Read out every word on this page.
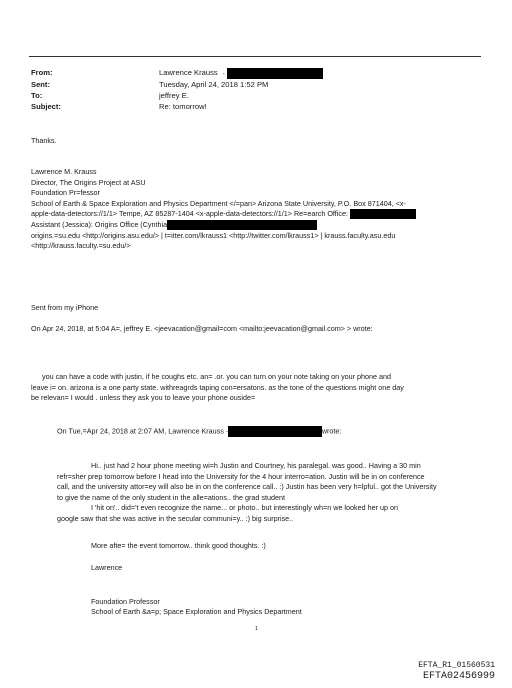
From:	Lawrence Krauss -
Sent:	Tuesday, April 24, 2018 1:52 PM
To:	jeffrey E.
Subject:	Re: tomorrow!
Thanks.
Lawrence M. Krauss
Director, The Origins Project at ASU
Foundation Pr=fessor
School of Earth & Space Exploration and Physics Department </=pan> Arizona State University, P.O. Box 871404, <x-
apple-data-detectors://1/1> Tempe, AZ 85287-1404 <x-apple-data-detectors://1/1> Re=earch Office:
Assistant (Jessica): Origins Office (Cynthia
origins.=su.edu <http://origins.asu.edu/> | t=itter.com/lkrauss1 <http://twitter.com/lkrauss1> | krauss.faculty.asu.edu
<http://krauss.faculty.=su.edu/>
Sent from my iPhone
On Apr 24, 2018, at 5:04 A=, jeffrey E. <jeevacation@gmail=com <mailto:jeevacation@gmail.com> > wrote:
you can have a code with justin, if he coughs etc. an= .or. you can turn on your note taking on your phone and
leave i= on. arizona is a one party state. withreagrds taping con=ersatons. as the tone of the questions might one day
be relevan= I would . unless they ask you to leave your phone ouside=
On Tue,=Apr 24, 2018 at 2:07 AM, Lawrence Krauss -	wrote:
Hi.. just had 2 hour phone meeting wi=h Justin and Courtney, his paralegal. was good.. Having a 30 min
refr=sher prep tomorrow before I head into the University for the 4 hour interro=ation. Justin will be in on conference
call, and the university attor=ey will also be in on the conference call.. :) Justin has been very h=lpful.. got the University
to give the name of the only student in the alle=ations.. the grad student
I 'hit on'.. did='t even recognize the name... or photo.. but interestingly wh=n we looked her up on
google saw that she was active in the secular communi=y.. :) big surprise..
More afte= the event tomorrow.. think good thoughts. :)
Lawrence
Foundation Professor
School of Earth &a=p; Space Exploration and Physics Department
1
EFTA_R1_01560531
EFTA02456999
